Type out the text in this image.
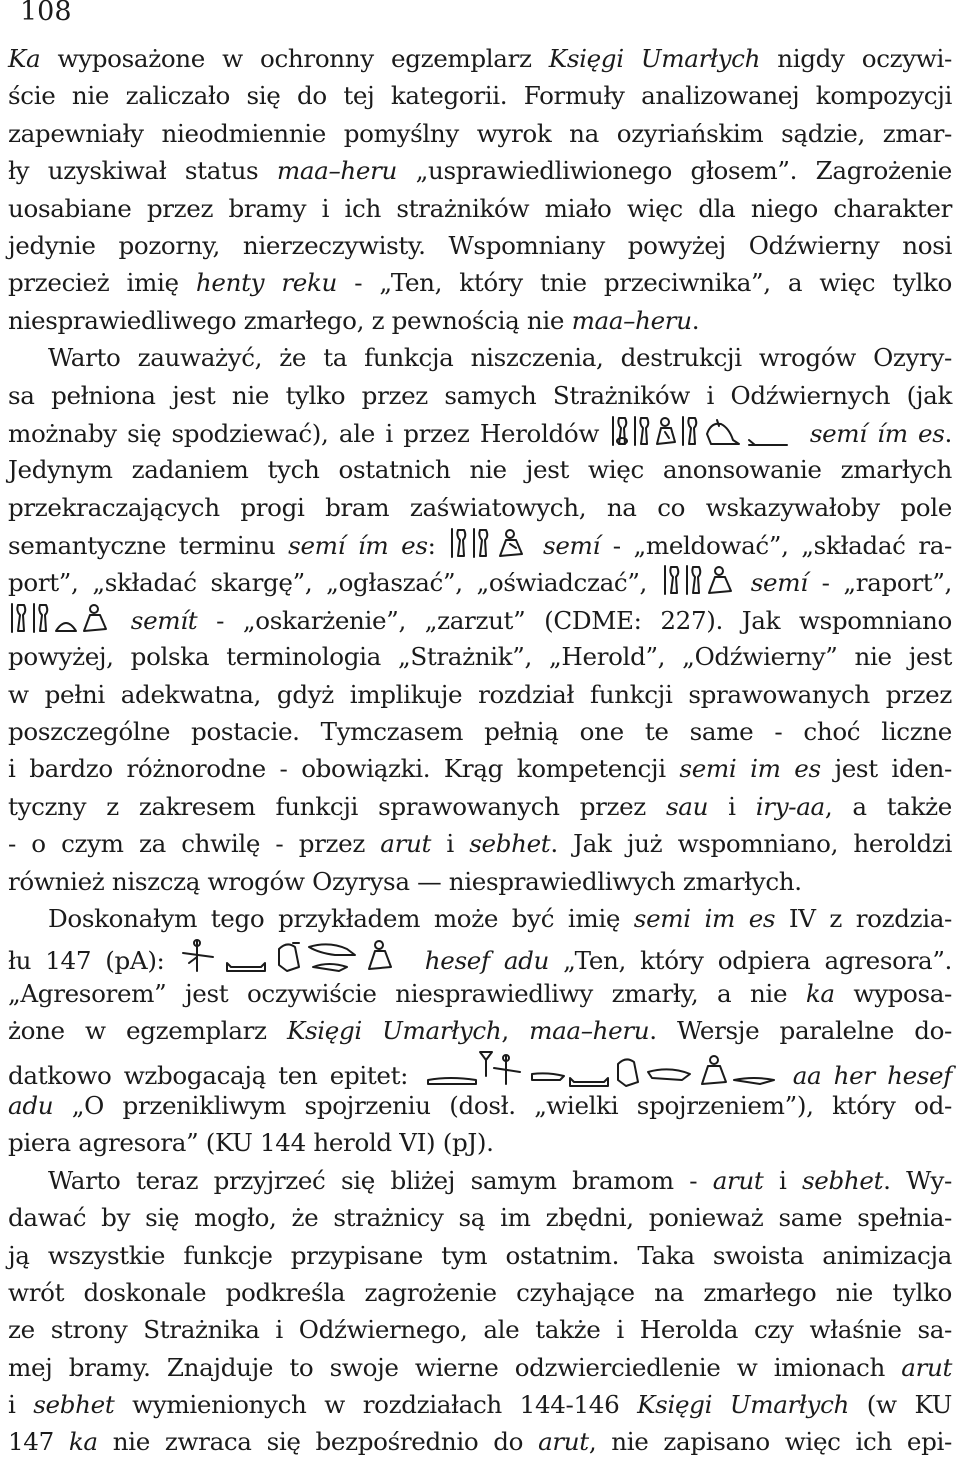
108
Ka wyposażone w ochronny egzemplarz Księgi Umarłych nigdy oczywi-
ście nie zaliczało się do tej kategorii. Formuły analizowanej kompozycji
zapewniały nieodmiennie pomyślny wyrok na ozyriańskim sądzie, zmar-
ły uzyskiwał status maa–heru „usprawiedliwionego głosem”. Zagrożenie
uosabiane przez bramy i ich strażników miało więc dla niego charakter
jedynie pozorny, nierzeczywisty. Wspomniany powyżej Odźwierny nosi
przecież imię henty reku - „Ten, który tnie przeciwnika”, a więc tylko
niesprawiedliwego zmarłego, z pewnością nie maa–heru.
Warto zauważyć, że ta funkcja niszczenia, destrukcji wrogów Ozyry-
sa pełniona jest nie tylko przez samych Strażników i Odźwiernych (jak
możnaby się spodziewać), ale i przez Heroldów	semí ím es.
Jedynym zadaniem tych ostatnich nie jest więc anonsowanie zmarłych
przekraczających progi bram zaświatowych, na co wskazywałoby pole
semantyczne terminu semí ím es:	semí - „meldować”, „składać ra-
port”, „składać skargę”, „ogłaszać”, „oświadczać”,	semí - „raport”,
semít - „oskarżenie”, „zarzut” (CDME: 227). Jak wspomniano
powyżej, polska terminologia „Strażnik”, „Herold”, „Odźwierny” nie jest
w pełni adekwatna, gdyż implikuje rozdział funkcji sprawowanych przez
poszczególne postacie. Tymczasem pełnią one te same - choć liczne
i bardzo różnorodne - obowiązki. Krąg kompetencji semi im es jest iden-
tyczny z zakresem funkcji sprawowanych przez sau i iry-aa, a także
- o czym za chwilę - przez arut i sebhet. Jak już wspomniano, heroldzi
również niszczą wrogów Ozyrysa — niesprawiedliwych zmarłych.
Doskonałym tego przykładem może być imię semi im es IV z rozdzia-
łu 147 (pA):	hesef adu „Ten, który odpiera agresora”.
„Agresorem” jest oczywiście niesprawiedliwy zmarły, a nie ka wyposa-
żone w egzemplarz Księgi Umarłych, maa–heru. Wersje paralelne do-
datkowo wzbogacają ten epitet:	aa her hesef
adu „O przenikliwym spojrzeniu (dosł. „wielki spojrzeniem”), który od-
piera agresora” (KU 144 herold VI) (pJ).
Warto teraz przyjrzeć się bliżej samym bramom - arut i sebhet. Wy-
dawać by się mogło, że strażnicy są im zbędni, ponieważ same spełnia-
ją wszystkie funkcje przypisane tym ostatnim. Taka swoista animizacja
wrót doskonale podkreśla zagrożenie czyhające na zmarłego nie tylko
ze strony Strażnika i Odźwiernego, ale także i Herolda czy właśnie sa-
mej bramy. Znajduje to swoje wierne odzwierciedlenie w imionach arut
i sebhet wymienionych w rozdziałach 144-146 Księgi Umarłych (w KU
147 ka nie zwraca się bezpośrednio do arut, nie zapisano więc ich epi-
